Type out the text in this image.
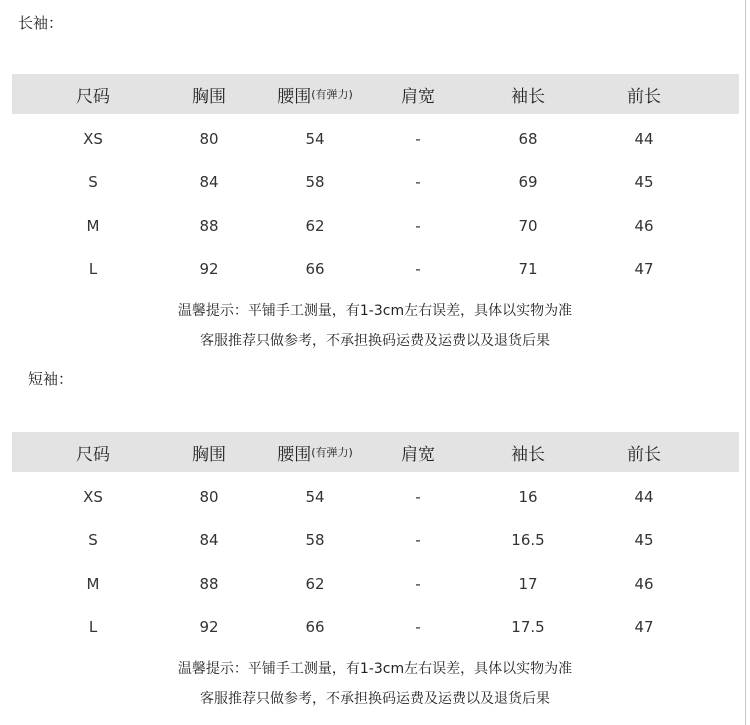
长袖：
尺码	胸围	腰围 (有弹力)	肩宽	袖长	前长
XS	80	54	-	68	44
S	84	58	-	69	45
M	88	62	-	70	46
L	92	66	-	71	47
温馨提示：平铺手工测量，有1-3cm左右误差，具体以实物为准
客服推荐只做参考，不承担换码运费及运费以及退货后果
短袖：
尺码	胸围	腰围 (有弹力)	肩宽	袖长	前长
XS	80	54	-	16	44
S	84	58	-	16.5	45
M	88	62	-	17	46
L	92	66	-	17.5	47
温馨提示：平铺手工测量，有1-3cm左右误差，具体以实物为准
客服推荐只做参考，不承担换码运费及运费以及退货后果
